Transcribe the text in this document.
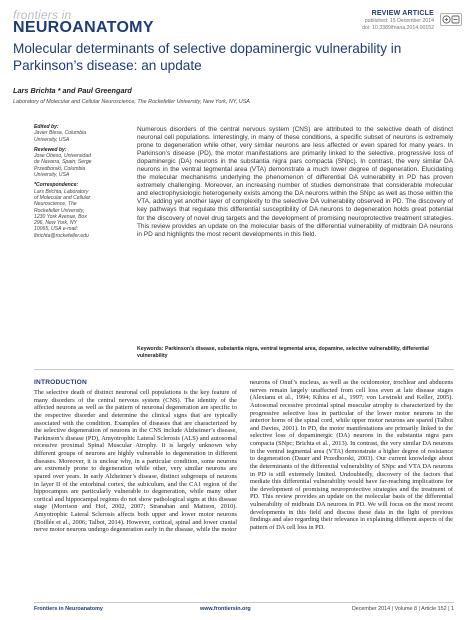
frontiers in
NEUROANATOMY
REVIEW ARTICLE
published: 15 December 2014
doi: 10.3389/fnana.2014.00152
Molecular determinants of selective dopaminergic vulnerability in Parkinson’s disease: an update
Lars Brichta * and Paul Greengard
Laboratory of Molecular and Cellular Neuroscience, The Rockefeller University, New York, NY, USA
Edited by:
Javier Blesa, Columbia University, USA
Reviewed by:
Jose Obeso, Universidad de Navarra, Spain; Serge Przedborski, Columbia University, USA
*Correspondence:
Lars Brichta, Laboratory of Molecular and Cellular Neuroscience, The Rockefeller University, 1230 York Avenue, Box 296, New York, NY 10065, USA e-mail: lbrichta@rockefeller.edu

Numerous disorders of the central nervous system (CNS) are attributed to the selective death of distinct neuronal cell populations. Interestingly, in many of these conditions, a specific subset of neurons is extremely prone to degeneration while other, very similar neurons are less affected or even spared for many years. In Parkinson’s disease (PD), the motor manifestations are primarily linked to the selective, progressive loss of dopaminergic (DA) neurons in the substantia nigra pars compacta (SNpc). In contrast, the very similar DA neurons in the ventral tegmental area (VTA) demonstrate a much lower degree of degeneration. Elucidating the molecular mechanisms underlying the phenomenon of differential DA vulnerability in PD has proven extremely challenging. Moreover, an increasing number of studies demonstrate that considerable molecular and electrophysiologic heterogeneity exists among the DA neurons within the SNpc as well as those within the VTA, adding yet another layer of complexity to the selective DA vulnerability observed in PD. The discovery of key pathways that regulate this differential susceptibility of DA neurons to degeneration holds great potential for the discovery of novel drug targets and the development of promising neuroprotective treatment strategies. This review provides an update on the molecular basis of the differential vulnerability of midbrain DA neurons in PD and highlights the most recent developments in this field.

Keywords: Parkinson’s disease, substantia nigra, ventral tegmental area, dopamine, selective vulnerability, differential vulnerability
INTRODUCTION

The selective death of distinct neuronal cell populations is the key feature of many disorders of the central nervous system (CNS). The identity of the affected neurons as well as the pattern of neuronal degeneration are specific to the respective disorder and determine the clinical signs that are typically associated with the condition. Examples of diseases that are characterized by the selective degeneration of neurons in the CNS include Alzheimer’s disease, Parkinson’s disease (PD), Amyotrophic Lateral Sclerosis (ALS) and autosomal recessive proximal Spinal Muscular Atrophy. It is largely unknown why different groups of neurons are highly vulnerable to degeneration in different diseases. Moreover, it is unclear why, in a particular condition, some neurons are extremely prone to degeneration while other, very similar neurons are spared over years. In early Alzheimer’s disease, distinct subgroups of neurons in layer II of the entorhinal cortex, the subiculum, and the CA1 region of the hippocampus are particularly vulnerable to degeneration, while many other cortical and hippocampal regions do not show pathological signs at this disease stage (Morrison and Hof, 2002, 2007; Stranahan and Mattson, 2010). Amyotrophic Lateral Sclerosis affects both upper and lower motor neurons (Boillée et al., 2006; Talbot, 2014). However, cortical, spinal and lower cranial nerve motor neurons undergo degeneration early in the disease, while the motor

neurons of Onuf’s nucleus, as well as the oculomotor, trochlear and abducens nerves remain largely unaffected from cell loss even at late disease stages (Alexianu et al., 1994; Kihira et al., 1997; von Lewinski and Keller, 2005). Autosomal recessive proximal spinal muscular atrophy is characterized by the progressive selective loss in particular of the lower motor neurons in the anterior horns of the spinal cord, while upper motor neurons are spared (Talbot and Davies, 2001). In PD, the motor manifestations are primarily linked to the selective loss of dopaminergic (DA) neurons in the substantia nigra pars compacta (SNpc; Brichta et al., 2013). In contrast, the very similar DA neurons in the ventral tegmental area (VTA) demonstrate a higher degree of resistance to degeneration (Dauer and Przedborski, 2003). Our current knowledge about the determinants of the differential vulnerability of SNpc and VTA DA neurons in PD is still extremely limited. Undoubtedly, discovery of the factors that mediate this differential vulnerability would have far-reaching implications for the development of promising neuroprotective strategies and the treatment of PD. This review provides an update on the molecular basis of the differential vulnerability of midbrain DA neurons in PD. We will focus on the most recent developments in this field and discuss these data in the light of previous findings and also regarding their relevance in explaining different aspects of the pattern of DA cell loss in PD.

Frontiers in Neuroanatomy	www.frontiersin.org	December 2014 | Volume 8 | Article 152 | 1
